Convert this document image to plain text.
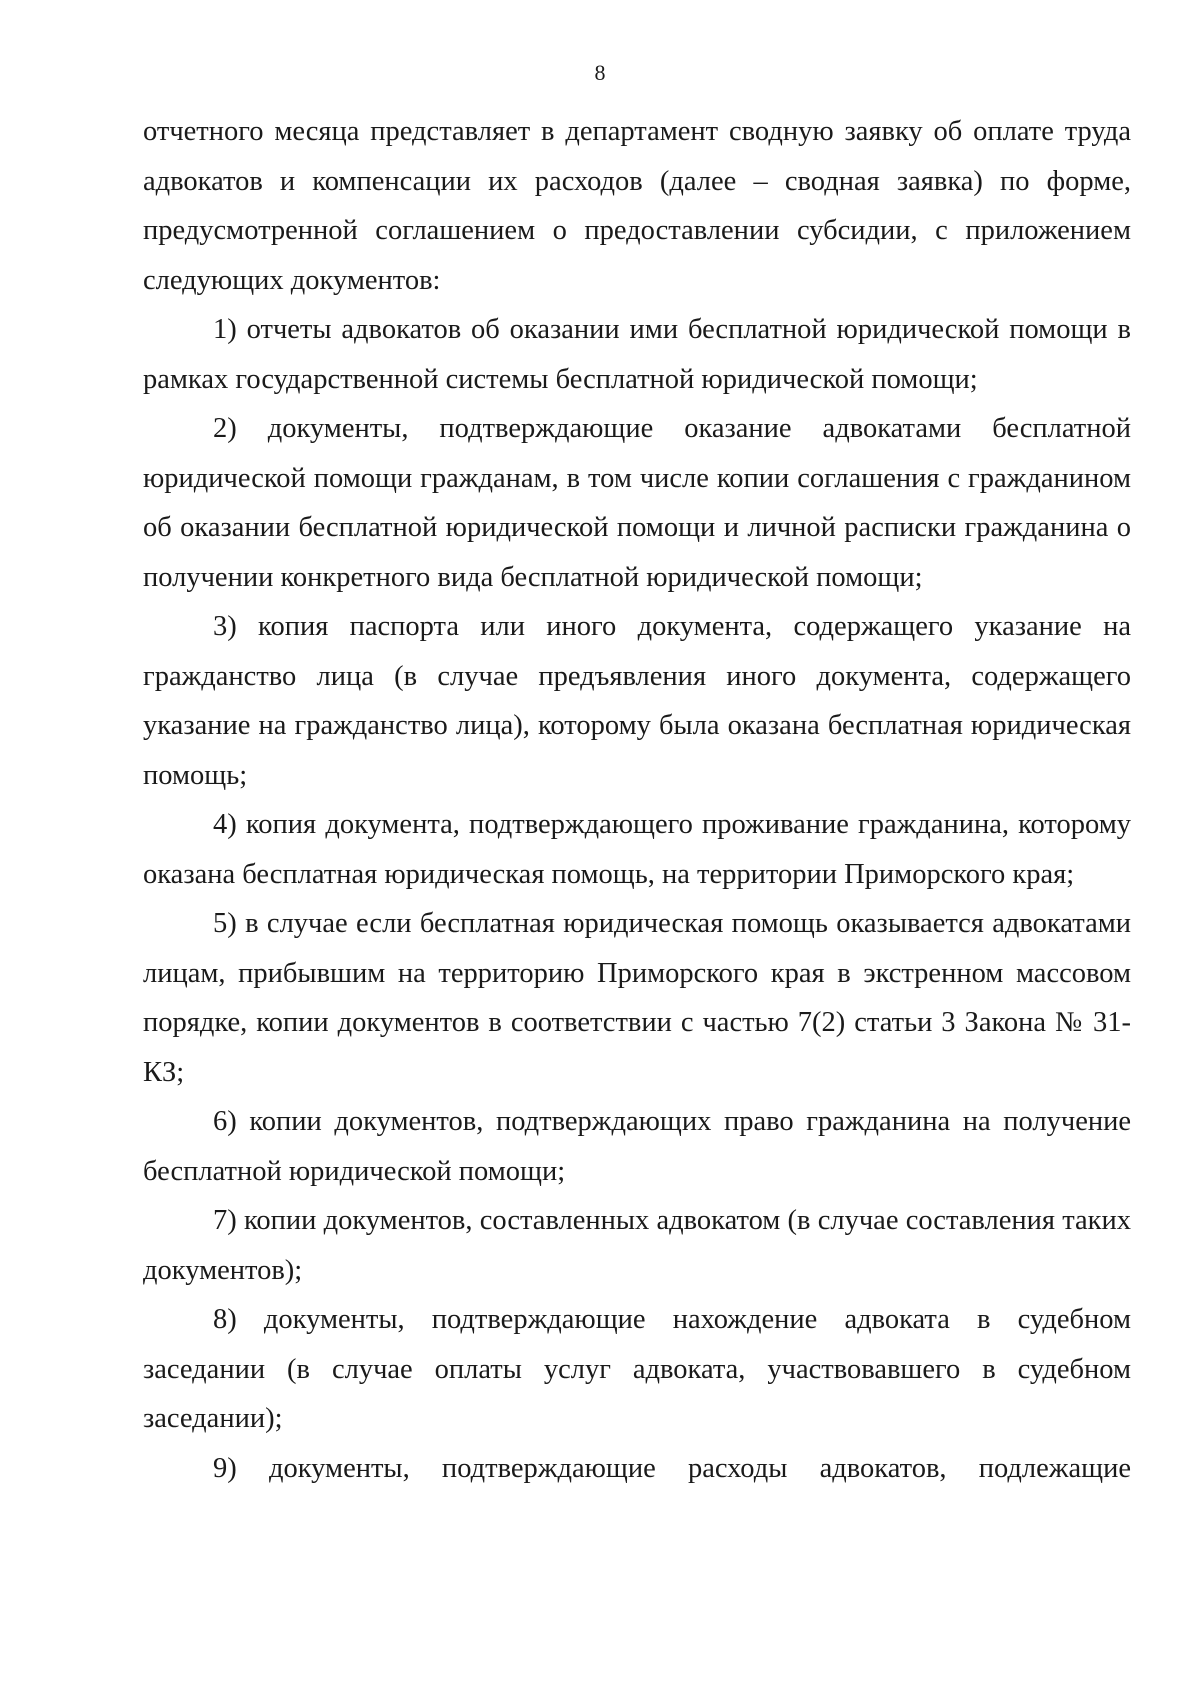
8

отчетного месяца представляет в департамент сводную заявку об оплате труда адвокатов и компенсации их расходов (далее – сводная заявка) по форме, предусмотренной соглашением о предоставлении субсидии, с приложением следующих документов:

1) отчеты адвокатов об оказании ими бесплатной юридической помощи в рамках государственной системы бесплатной юридической помощи;

2) документы, подтверждающие оказание адвокатами бесплатной юридической помощи гражданам, в том числе копии соглашения с гражданином об оказании бесплатной юридической помощи и личной расписки гражданина о получении конкретного вида бесплатной юридической помощи;

3) копия паспорта или иного документа, содержащего указание на гражданство лица (в случае предъявления иного документа, содержащего указание на гражданство лица), которому была оказана бесплатная юридическая помощь;

4) копия документа, подтверждающего проживание гражданина, которому оказана бесплатная юридическая помощь, на территории Приморского края;

5) в случае если бесплатная юридическая помощь оказывается адвокатами лицам, прибывшим на территорию Приморского края в экстренном массовом порядке, копии документов в соответствии с частью 7(2) статьи 3 Закона № 31-КЗ;

6) копии документов, подтверждающих право гражданина на получение бесплатной юридической помощи;

7) копии документов, составленных адвокатом (в случае составления таких документов);

8) документы, подтверждающие нахождение адвоката в судебном заседании (в случае оплаты услуг адвоката, участвовавшего в судебном заседании);

9) документы, подтверждающие расходы адвокатов, подлежащие
